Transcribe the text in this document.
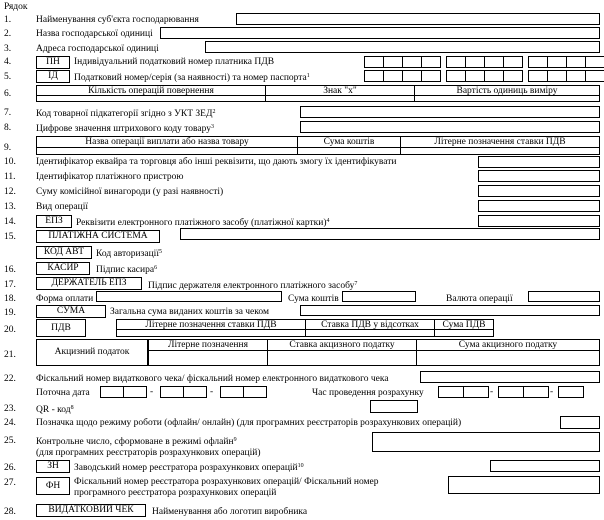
Рядок
1.	Найменування суб'єкта господарювання
2.	Назва господарської одиниці
3.	Адреса господарської одиниці
4.	ПН	Індивідуальний податковий номер платника ПДВ
5.	ІД	Податковий номер/серія (за наявності) та номер паспорта$^1$
6.	Кількість операцій повернення	Знак "х"	Вартість одиниць виміру
7.	Код товарної підкатегорії згідно з УКТ ЗЕД$^2$
8.	Цифрове значення штрихового коду товару$^3$
9.
Назва операції виплати або назва товару	Сума коштів	Літерне позначення ставки ПДВ
10. Ідентифікатор еквайра та торговця або інші реквізити, що дають змогу їх ідентифікувати
11. Ідентифікатор платіжного пристрою
12. Суму комісійної винагороди (у разі наявності)
13. Вид операції
14.	ЕПЗ	Реквізити електронного платіжного засобу (платіжної картки)$^4$
15.	ПЛАТІЖНА СИСТЕМА
КОД АВТ	Код авторизації$^5$
16.	КАСИР	Підпис касира$^6$
17.	ДЕРЖАТЕЛЬ ЕПЗ	Підпис держателя електронного платіжного засобу$^7$
18. Форма оплати	Сума коштів	Валюта операції
19.	СУМА	Загальна сума виданих коштів за чеком
20.	ПДВ	Літерне позначення ставки ПДВ	Ставка ПДВ у відсотках	Сума ПДВ
21.	Акцизний податок
Літерне позначення	Ставка акцизного податку	Сума акцизного податку
22. Фіскальний номер видаткового чека/ фіскальний номер електронного видаткового чека
Поточна дата	-	-	Час проведення розрахунку	-	-
23. QR - код$^8$
24. Позначка щодо режиму роботи (офлайн/ онлайн) (для програмних реєстраторів розрахункових операцій)
25. Контрольне число, сформоване в режимі офлайн$^9$
(для програмних реєстраторів розрахункових операцій)
26.	ЗН	Заводський номер реєстратора розрахункових операцій$^{10}$
27.	ФН	Фіскальний номер реєстратора розрахункових операцій/ Фіскальний номер
програмного реєстратора розрахункових операцій
28.	ВИДАТКОВИЙ ЧЕК	Найменування або логотип виробника
